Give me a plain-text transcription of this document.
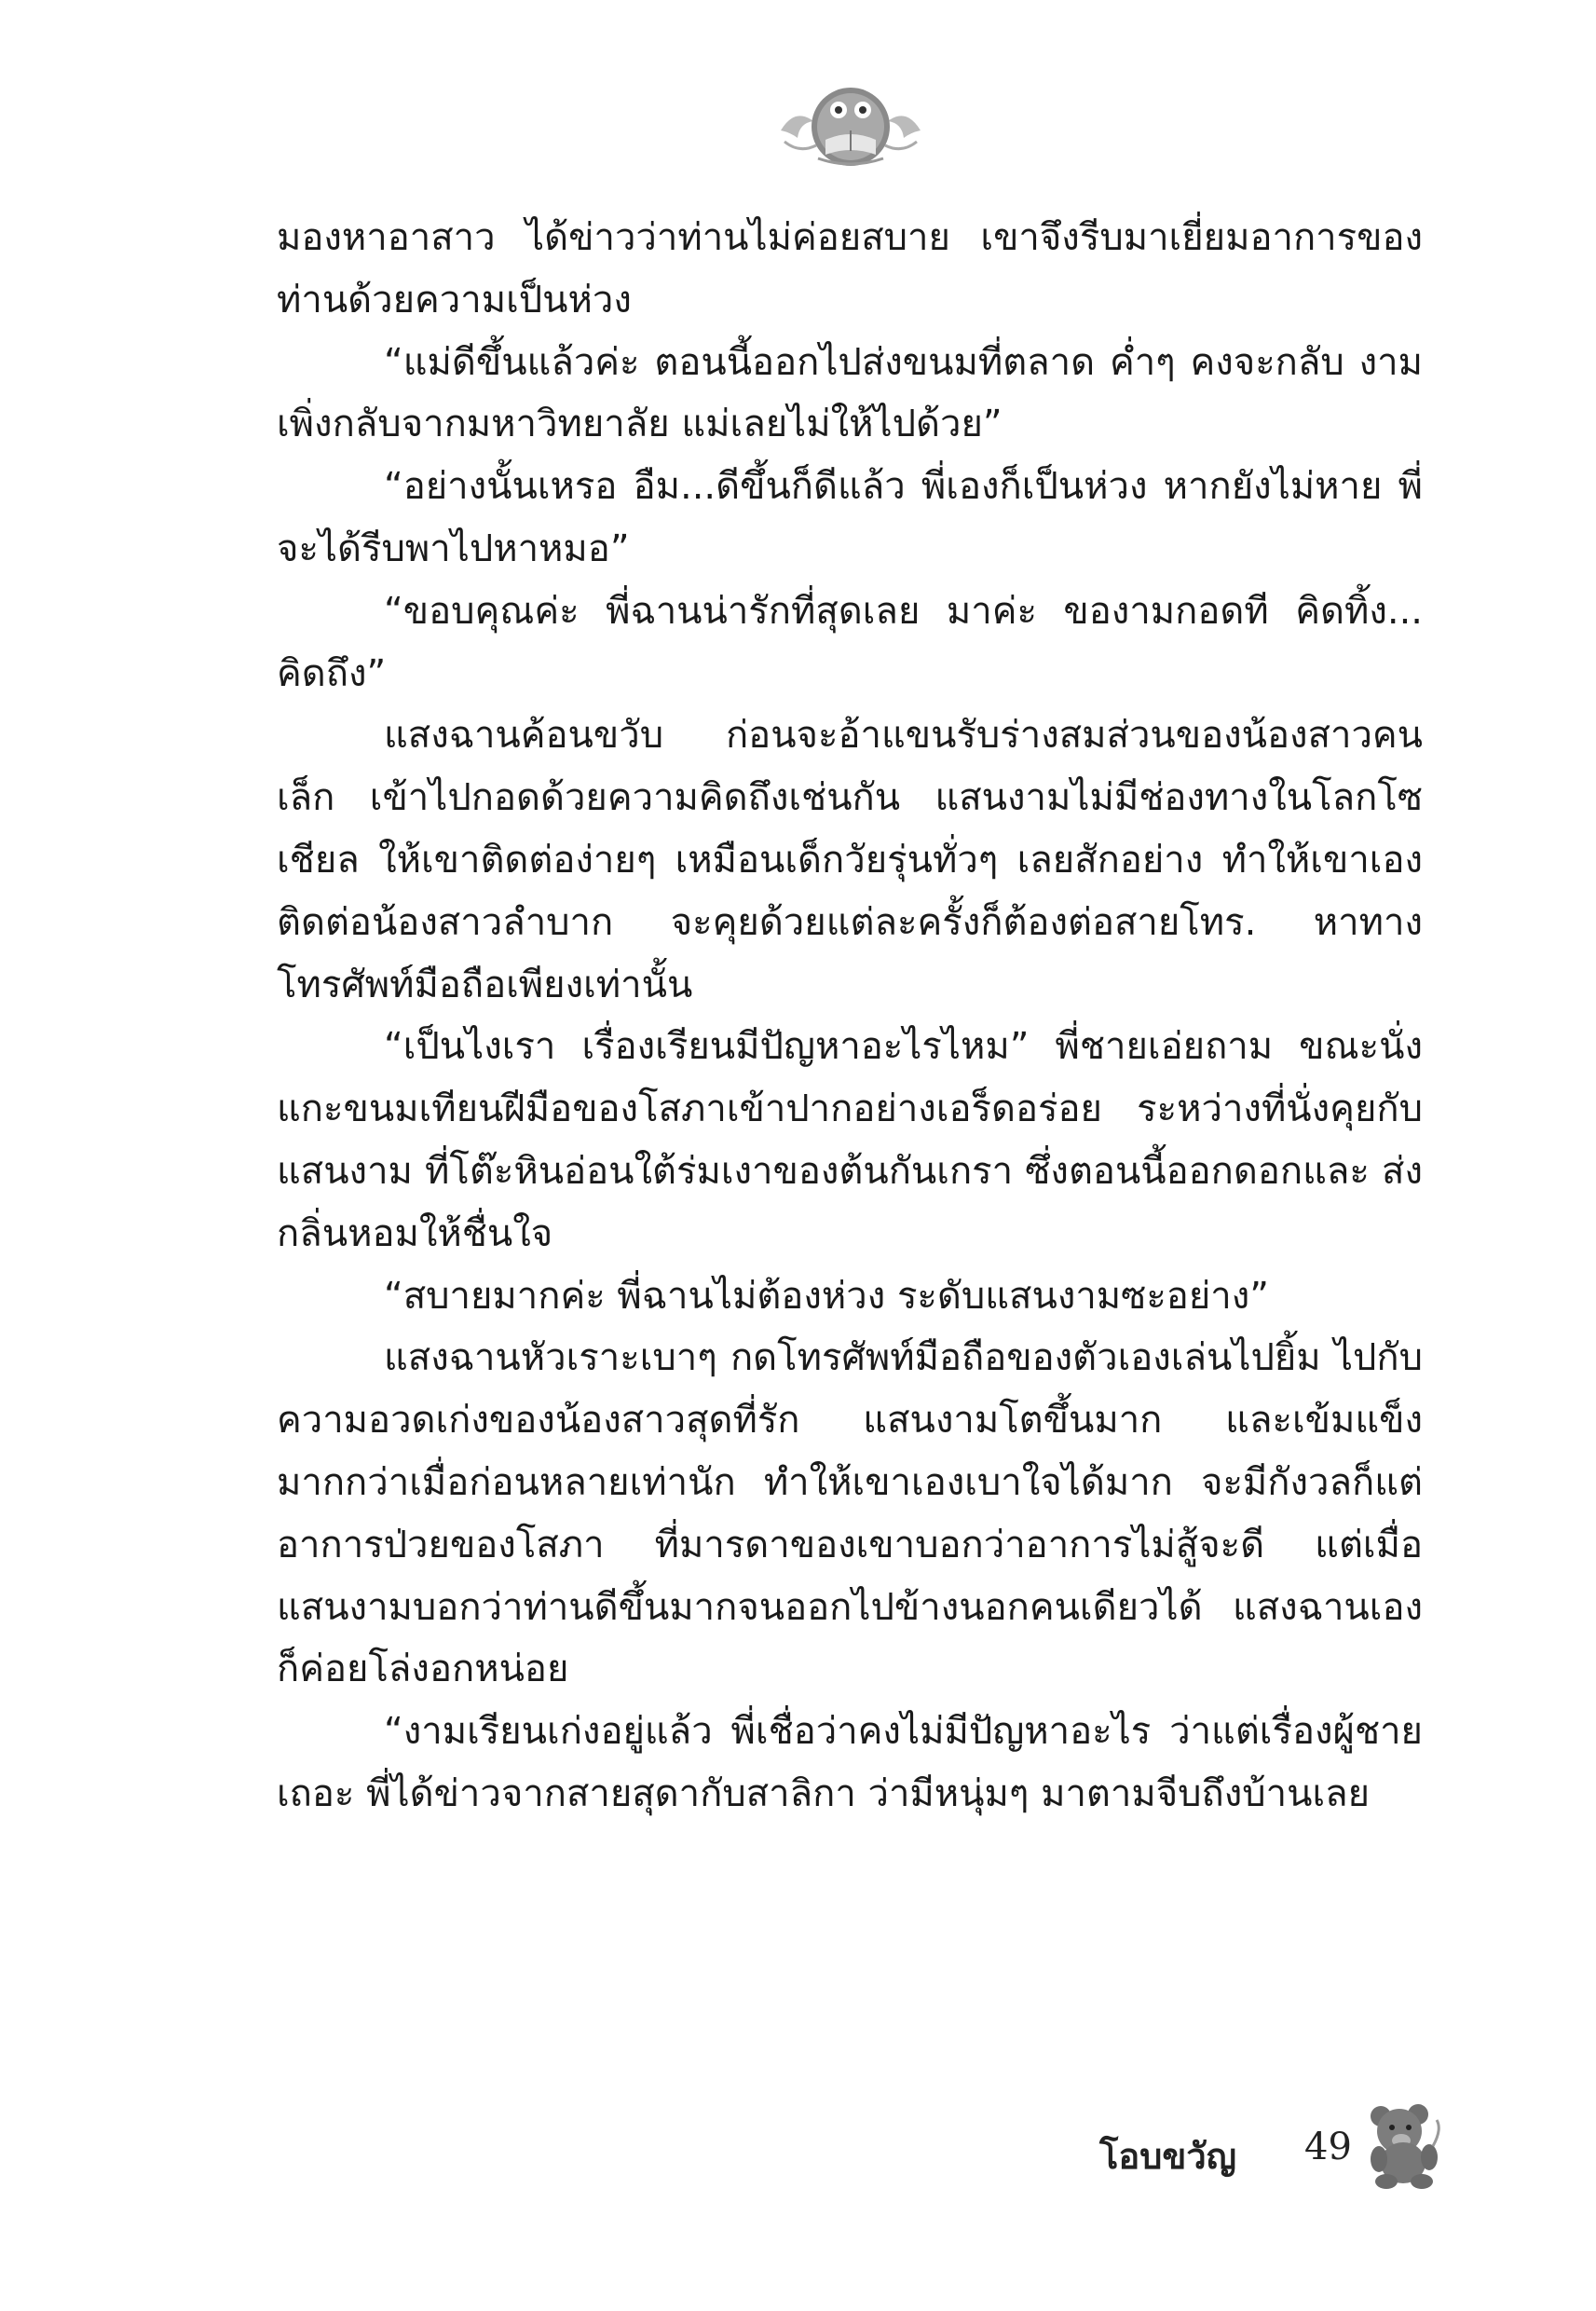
มองหาอาสาว ได้ข่าวว่าท่านไม่ค่อยสบาย เขาจึงรีบมาเยี่ยมอาการของท่านด้วยความเป็นห่วง

“แม่ดีขึ้นแล้วค่ะ ตอนนี้ออกไปส่งขนมที่ตลาด ค่ำๆ คงจะกลับ งามเพิ่งกลับจากมหาวิทยาลัย แม่เลยไม่ให้ไปด้วย”

“อย่างนั้นเหรอ อืม...ดีขึ้นก็ดีแล้ว พี่เองก็เป็นห่วง หากยังไม่หาย พี่จะได้รีบพาไปหาหมอ”

“ขอบคุณค่ะ พี่ฉานน่ารักที่สุดเลย มาค่ะ ของามกอดที คิดทิ้ง... คิดถึง”

แสงฉานค้อนขวับ ก่อนจะอ้าแขนรับร่างสมส่วนของน้องสาวคนเล็ก เข้าไปกอดด้วยความคิดถึงเช่นกัน แสนงามไม่มีช่องทางในโลกโซเชียล ให้เขาติดต่อง่ายๆ เหมือนเด็กวัยรุ่นทั่วๆ เลยสักอย่าง ทำให้เขาเอง ติดต่อน้องสาวลำบาก จะคุยด้วยแต่ละครั้งก็ต้องต่อสายโทร. หาทาง โทรศัพท์มือถือเพียงเท่านั้น

“เป็นไงเรา เรื่องเรียนมีปัญหาอะไรไหม” พี่ชายเอ่ยถาม ขณะนั่ง แกะขนมเทียนฝีมือของโสภาเข้าปากอย่างเอร็ดอร่อย ระหว่างที่นั่งคุยกับ แสนงาม ที่โต๊ะหินอ่อนใต้ร่มเงาของต้นกันเกรา ซึ่งตอนนี้ออกดอกและ ส่งกลิ่นหอมให้ชื่นใจ

“สบายมากค่ะ พี่ฉานไม่ต้องห่วง ระดับแสนงามซะอย่าง”

แสงฉานหัวเราะเบาๆ กดโทรศัพท์มือถือของตัวเองเล่นไปยิ้ม ไปกับความอวดเก่งของน้องสาวสุดที่รัก แสนงามโตขึ้นมาก และเข้มแข็ง มากกว่าเมื่อก่อนหลายเท่านัก ทำให้เขาเองเบาใจได้มาก จะมีกังวลก็แต่ อาการป่วยของโสภา ที่มารดาของเขาบอกว่าอาการไม่สู้จะดี แต่เมื่อ แสนงามบอกว่าท่านดีขึ้นมากจนออกไปข้างนอกคนเดียวได้ แสงฉานเอง ก็ค่อยโล่งอกหน่อย

“งามเรียนเก่งอยู่แล้ว พี่เชื่อว่าคงไม่มีปัญหาอะไร ว่าแต่เรื่องผู้ชาย เถอะ พี่ได้ข่าวจากสายสุดากับสาลิกา ว่ามีหนุ่มๆ มาตามจีบถึงบ้านเลย

โอบขวัญ 49
